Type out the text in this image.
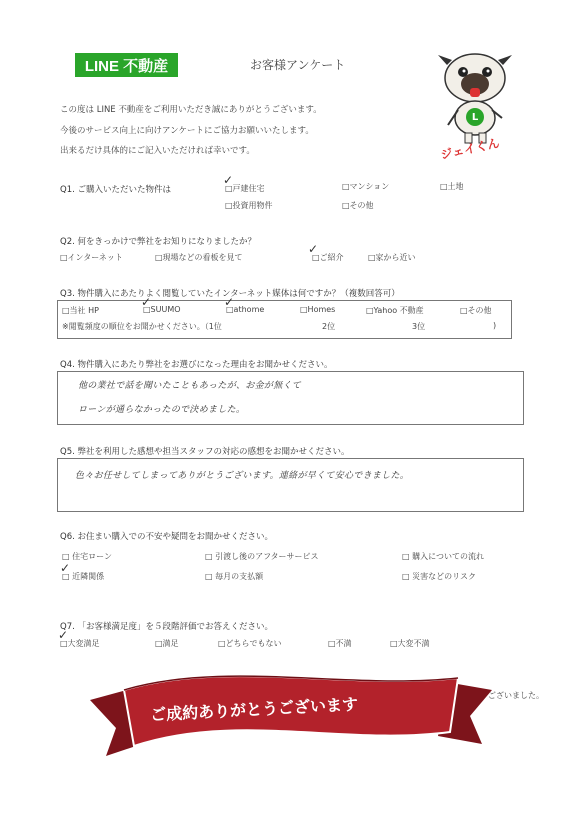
LINE 不動産	お客様アンケート
L
ジェイくん
この度は LINE 不動産をご利用いただき誠にありがとうございます。
今後のサービス向上に向けアンケートにご協力お願いいたします。
出来るだけ具体的にご記入いただければ幸いです。
Q1. ご購入いただいた物件は	□戸建住宅
✓	□マンション	□土地
□投資用物件	□その他
Q2. 何をきっかけで弊社をお知りになりましたか？
□インターネット	□現場などの看板を見て	□ご紹介
✓
□家から近い
Q3. 物件購入にあたりよく閲覧していたインターネット媒体は何ですか？（複数回答可）
□当社 HP	□SUUMO
✓
□athome
✓
□Homes	□Yahoo 不動産	□その他
※閲覧頻度の順位をお聞かせください。（1位	2位	3位	)
Q4. 物件購入にあたり弊社をお選びになった理由をお聞かせください。
他の業社で話を聞いたこともあったが、お金が無くて
ローンが通らなかったので決めました。
Q5. 弊社を利用した感想や担当スタッフの対応の感想をお聞かせください。
色々お任せしてしまってありがとうございます。連絡が早くて安心できました。
Q6. お住まい購入での不安や疑問をお聞かせください。
□ 住宅ローン	□ 引渡し後のアフターサービス	□ 購入についての流れ
□ 近隣関係
✓
□ 毎月の支払額	□ 災害などのリスク
Q7. 「お客様満足度」を５段階評価でお答えください。
□大変満足
✓
□満足	□どちらでもない	□不満	□大変不満
ございました。
ご成約ありがとうございます
